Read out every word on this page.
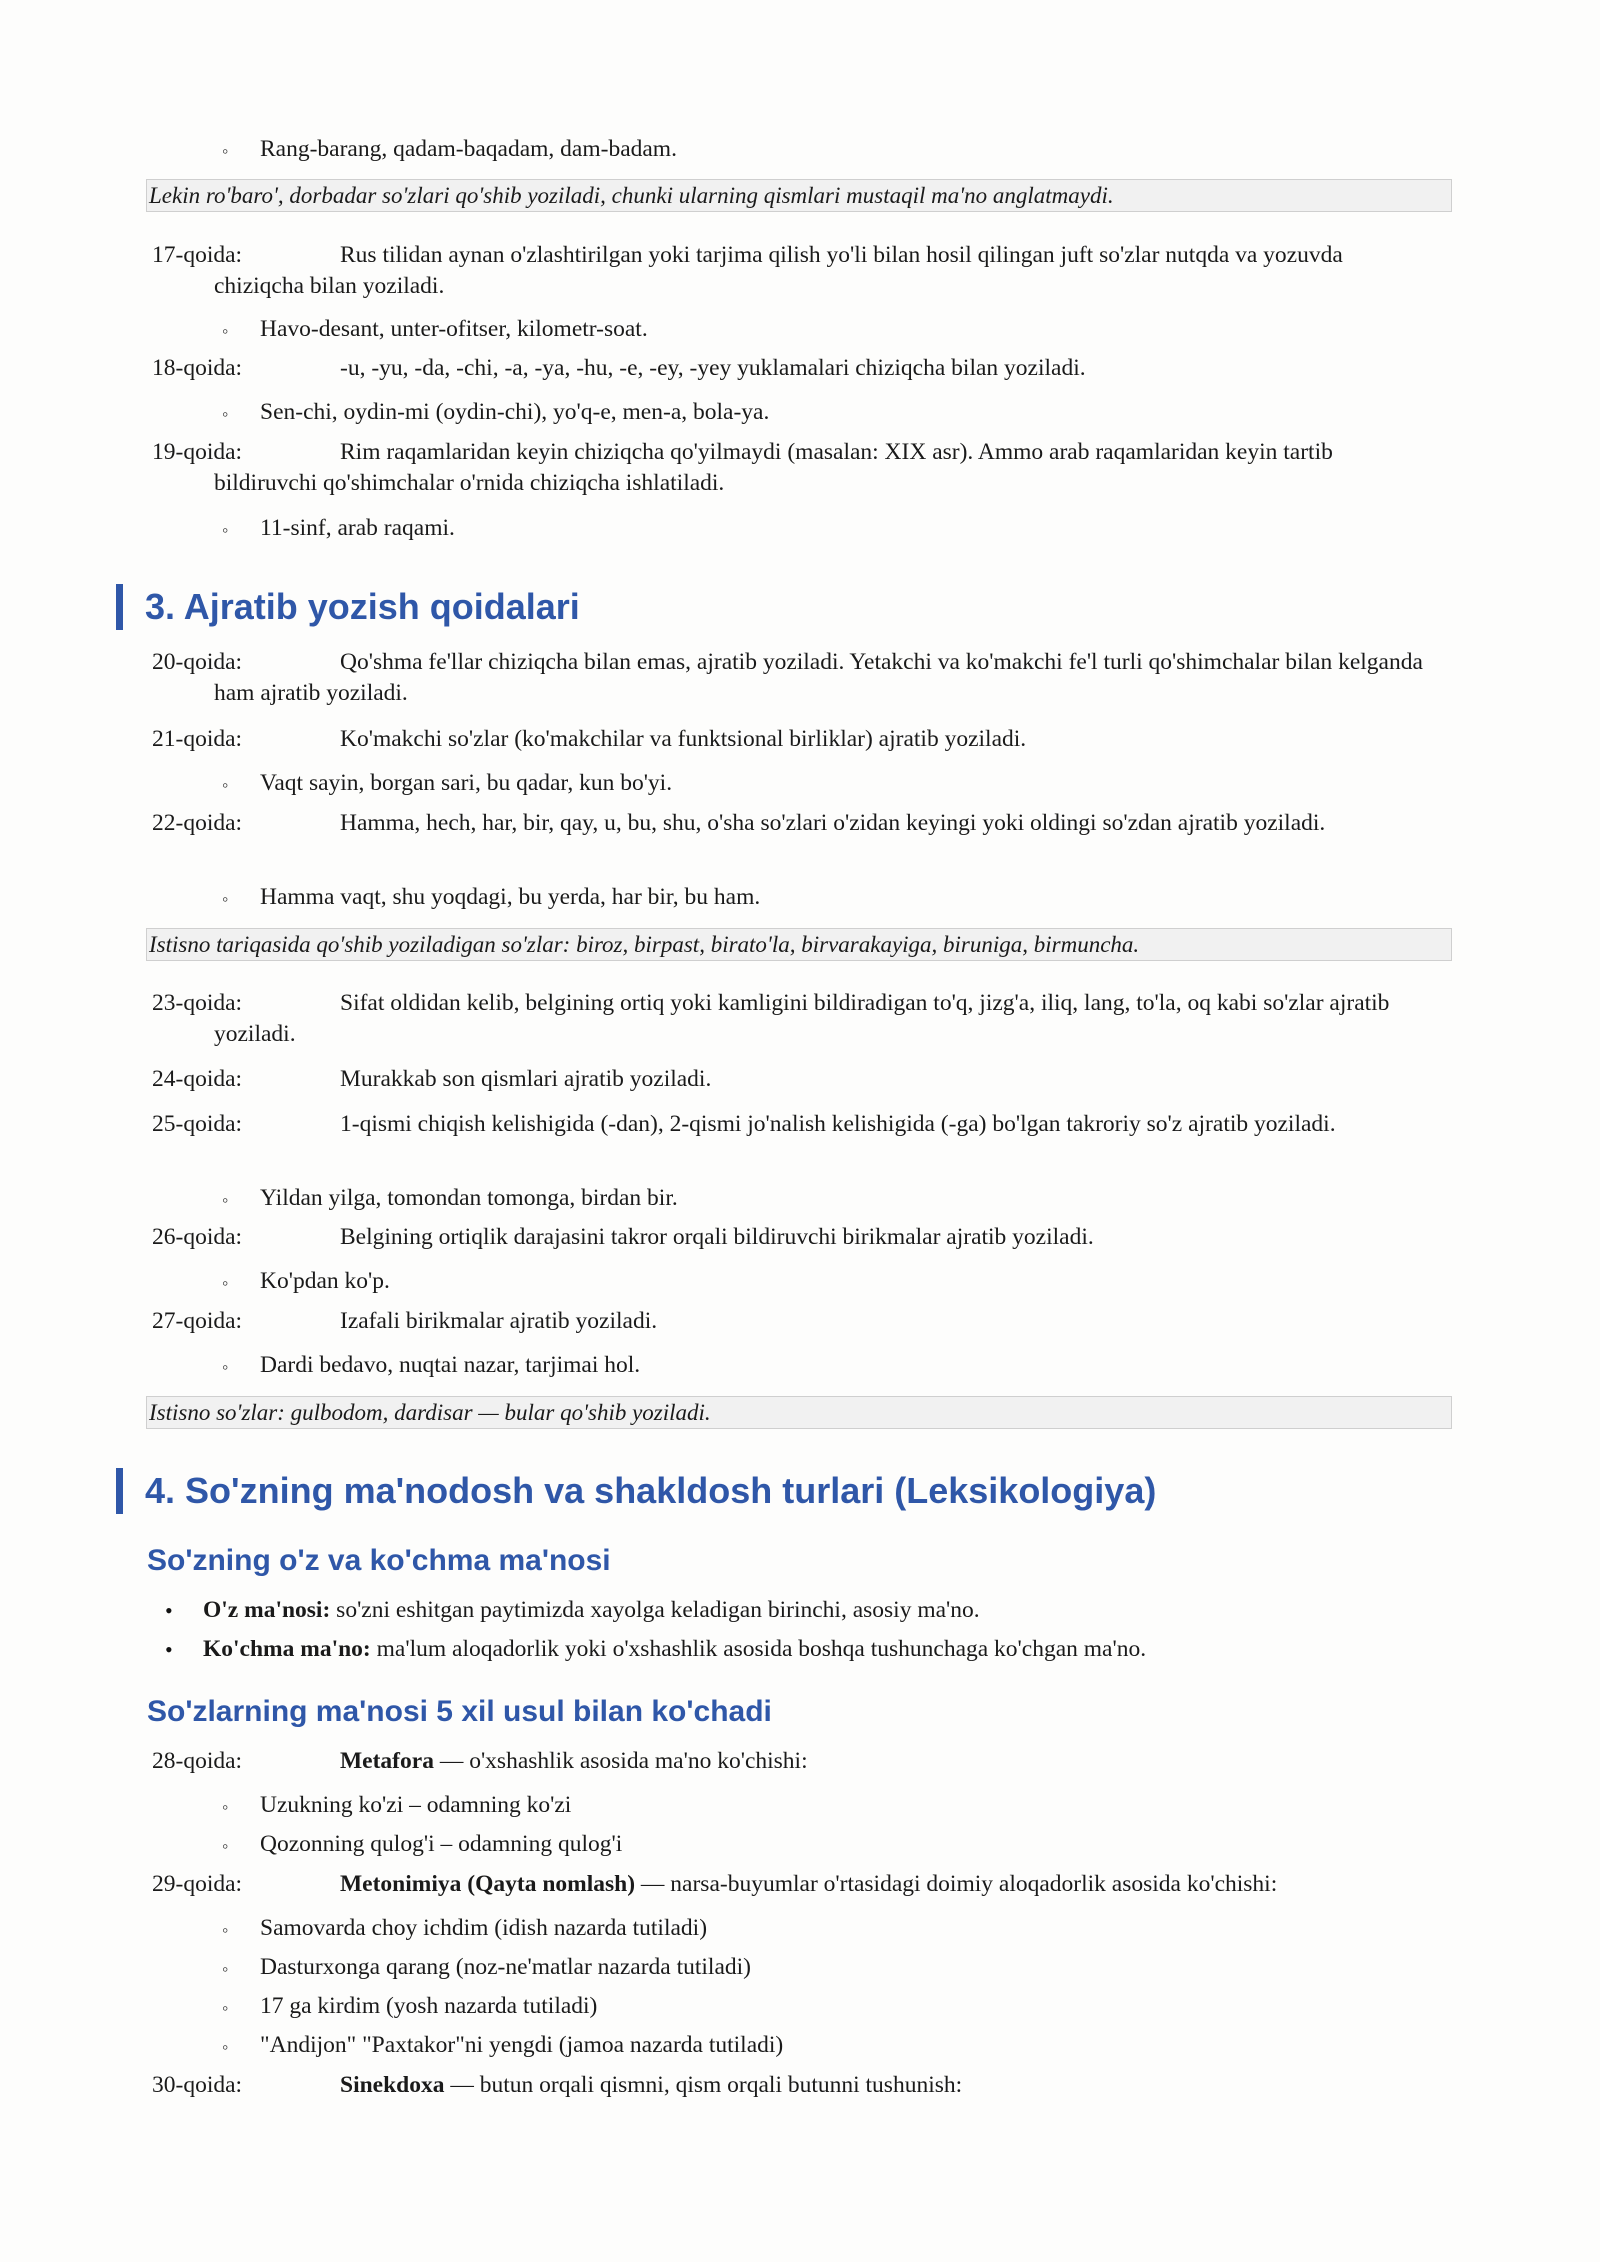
◦ Rang-barang, qadam-baqadam, dam-badam.
Lekin ro'baro', dorbadar so'zlari qo'shib yoziladi, chunki ularning qismlari mustaqil ma'no anglatmaydi.
17-qoida:	Rus tilidan aynan o'zlashtirilgan yoki tarjima qilish yo'li bilan hosil qilingan juft so'zlar nutqda va yozuvda chiziqcha bilan yoziladi.
◦ Havo-desant, unter-ofitser, kilometr-soat.
18-qoida:	-u, -yu, -da, -chi, -a, -ya, -hu, -e, -ey, -yey yuklamalari chiziqcha bilan yoziladi.
◦ Sen-chi, oydin-mi (oydin-chi), yo'q-e, men-a, bola-ya.
19-qoida:	Rim raqamlaridan keyin chiziqcha qo'yilmaydi (masalan: XIX asr). Ammo arab raqamlaridan keyin tartib bildiruvchi qo'shimchalar o'rnida chiziqcha ishlatiladi.
◦ 11-sinf, arab raqami.
3. Ajratib yozish qoidalari
20-qoida:	Qo'shma fe'llar chiziqcha bilan emas, ajratib yoziladi. Yetakchi va ko'makchi fe'l turli qo'shimchalar bilan kelganda ham ajratib yoziladi.
21-qoida:	Ko'makchi so'zlar (ko'makchilar va funktsional birliklar) ajratib yoziladi.
◦ Vaqt sayin, borgan sari, bu qadar, kun bo'yi.
22-qoida:	Hamma, hech, har, bir, qay, u, bu, shu, o'sha so'zlari o'zidan keyingi yoki oldingi so'zdan ajratib yoziladi.
◦ Hamma vaqt, shu yoqdagi, bu yerda, har bir, bu ham.
Istisno tariqasida qo'shib yoziladigan so'zlar: biroz, birpast, birato'la, birvarakayiga, biruniga, birmuncha.
23-qoida:	Sifat oldidan kelib, belgining ortiq yoki kamligini bildiradigan to'q, jizg'a, iliq, lang, to'la, oq kabi so'zlar ajratib yoziladi.
24-qoida:	Murakkab son qismlari ajratib yoziladi.
25-qoida:	1-qismi chiqish kelishigida (-dan), 2-qismi jo'nalish kelishigida (-ga) bo'lgan takroriy so'z ajratib yoziladi.
◦ Yildan yilga, tomondan tomonga, birdan bir.
26-qoida:	Belgining ortiqlik darajasini takror orqali bildiruvchi birikmalar ajratib yoziladi.
◦ Ko'pdan ko'p.
27-qoida:	Izafali birikmalar ajratib yoziladi.
◦ Dardi bedavo, nuqtai nazar, tarjimai hol.
Istisno so'zlar: gulbodom, dardisar — bular qo'shib yoziladi.
4. So'zning ma'nodosh va shakldosh turlari (Leksikologiya)
So'zning o'z va ko'chma ma'nosi
• O'z ma'nosi: so'zni eshitgan paytimizda xayolga keladigan birinchi, asosiy ma'no.
• Ko'chma ma'no: ma'lum aloqadorlik yoki o'xshashlik asosida boshqa tushunchaga ko'chgan ma'no.
So'zlarning ma'nosi 5 xil usul bilan ko'chadi
28-qoida:	Metafora — o'xshashlik asosida ma'no ko'chishi:
◦ Uzukning ko'zi – odamning ko'zi
◦ Qozonning qulog'i – odamning qulog'i
29-qoida:	Metonimiya (Qayta nomlash) — narsa-buyumlar o'rtasidagi doimiy aloqadorlik asosida ko'chishi:
◦ Samovarda choy ichdim (idish nazarda tutiladi)
◦ Dasturxonga qarang (noz-ne'matlar nazarda tutiladi)
◦ 17 ga kirdim (yosh nazarda tutiladi)
◦ "Andijon" "Paxtakor"ni yengdi (jamoa nazarda tutiladi)
30-qoida:	Sinekdoxa — butun orqali qismni, qism orqali butunni tushunish:
